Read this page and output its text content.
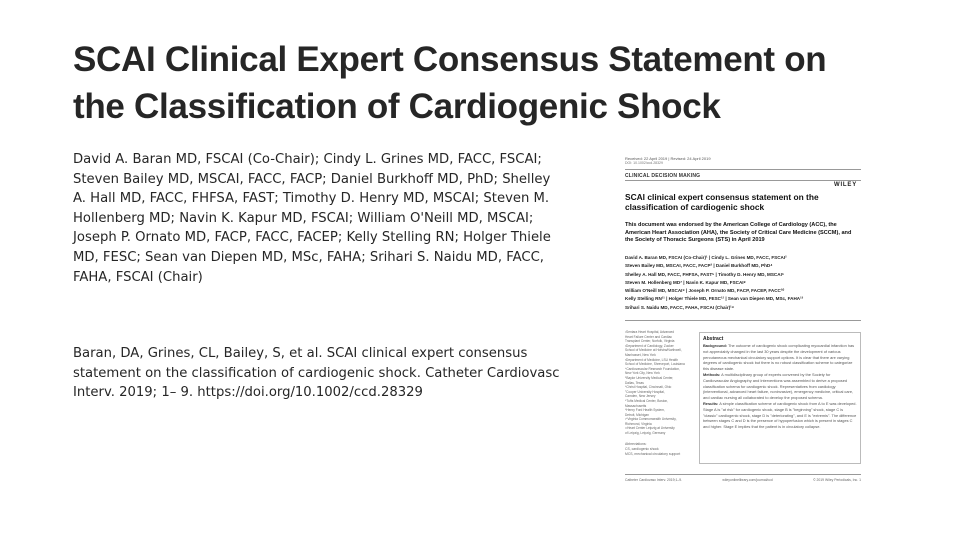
SCAI Clinical Expert Consensus Statement on
the Classification of Cardiogenic Shock

David A. Baran MD, FSCAI (Co-Chair); Cindy L. Grines MD, FACC, FSCAI; Steven Bailey MD, MSCAI, FACC, FACP; Daniel Burkhoff MD, PhD; Shelley A. Hall MD, FACC, FHFSA, FAST; Timothy D. Henry MD, MSCAI; Steven M. Hollenberg MD; Navin K. Kapur MD, FSCAI; William O'Neill MD, MSCAI; Joseph P. Ornato MD, FACP, FACC, FACEP; Kelly Stelling RN; Holger Thiele MD, FESC; Sean van Diepen MD, MSc, FAHA; Srihari S. Naidu MD, FACC, FAHA, FSCAI (Chair)

Baran, DA, Grines, CL, Bailey, S, et al. SCAI clinical expert consensus statement on the classification of cardiogenic shock. Catheter Cardiovasc Interv. 2019; 1– 9. https://doi.org/10.1002/ccd.28329

Received: 22 April 2019 | Revised: 24 April 2019
DOI: 10.1002/ccd.28329
CLINICAL DECISION MAKING
WILEY
SCAI clinical expert consensus statement on the classification of cardiogenic shock
This document was endorsed by the American College of Cardiology (ACC), the American Heart Association (AHA), the Society of Critical Care Medicine (SCCM), and the Society of Thoracic Surgeons (STS) in April 2019
David A. Baran MD, FSCAI (Co-Chair)¹ | Cindy L. Grines MD, FACC, FSCAI²
Steven Bailey MD, MSCAI, FACC, FACP³ | Daniel Burkhoff MD, PhD⁴
Shelley A. Hall MD, FACC, FHFSA, FAST⁵ | Timothy D. Henry MD, MSCAI⁶
Steven M. Hollenberg MD⁷ | Navin K. Kapur MD, FSCAI⁸
William O'Neill MD, MSCAI⁹ | Joseph P. Ornato MD, FACP, FACEP, FACC¹⁰
Kelly Stelling RN¹¹ | Holger Thiele MD, FESC¹² | Sean van Diepen MD, MSc, FAHA¹³
Srihari S. Naidu MD, FACC, FAHA, FSCAI (Chair)¹⁴
¹Sentara Heart Hospital, Advanced
Heart Failure Center and Cardiac
Transplant Center, Norfolk, Virginia
²Department of Cardiology, Zucker
School of Medicine at Hofstra/Northwell,
Manhasset, New York
³Department of Medicine, LSU Health
School of Medicine, Shreveport, Louisiana
⁴Cardiovascular Research Foundation,
New York City, New York
⁵Baylor University Medical Center,
Dallas, Texas
⁶Christ Hospital, Cincinnati, Ohio
⁷Cooper University Hospital,
Camden, New Jersey
⁸Tufts Medical Center, Boston,
Massachusetts
⁹Henry Ford Health System,
Detroit, Michigan
¹⁰Virginia Commonwealth University,
Richmond, Virginia
¹¹Heart Center Leipzig at University
of Leipzig, Leipzig, Germany
Abstract
Background: The outcome of cardiogenic shock complicating myocardial infarction has not appreciably changed in the last 30 years despite the development of various percutaneous mechanical circulatory support options. It is clear that there are varying degrees of cardiogenic shock but there is no robust classification scheme to categorize this disease state.
Methods: A multidisciplinary group of experts convened by the Society for Cardiovascular Angiography and Interventions was assembled to derive a proposed classification schema for cardiogenic shock. Representatives from cardiology (interventional, advanced heart failure, noninvasive), emergency medicine, critical care, and cardiac nursing all collaborated to develop the proposed schema.
Results: A simple classification scheme of cardiogenic shock from A to E was developed. Stage A is "at risk" for cardiogenic shock, stage B is "beginning" shock, stage C is "classic" cardiogenic shock, stage D is "deteriorating", and E is "extremis". The difference between stages C and D is the presence of hypoperfusion which is present in stages C and higher. Stage E implies that the patient is in circulatory collapse.
Abbreviations:
CS, cardiogenic shock
MCS, mechanical circulatory support
Catheter Cardiovasc Interv. 2019;1–9.	wileyonlinelibrary.com/journal/ccd	© 2019 Wiley Periodicals, Inc. 1
